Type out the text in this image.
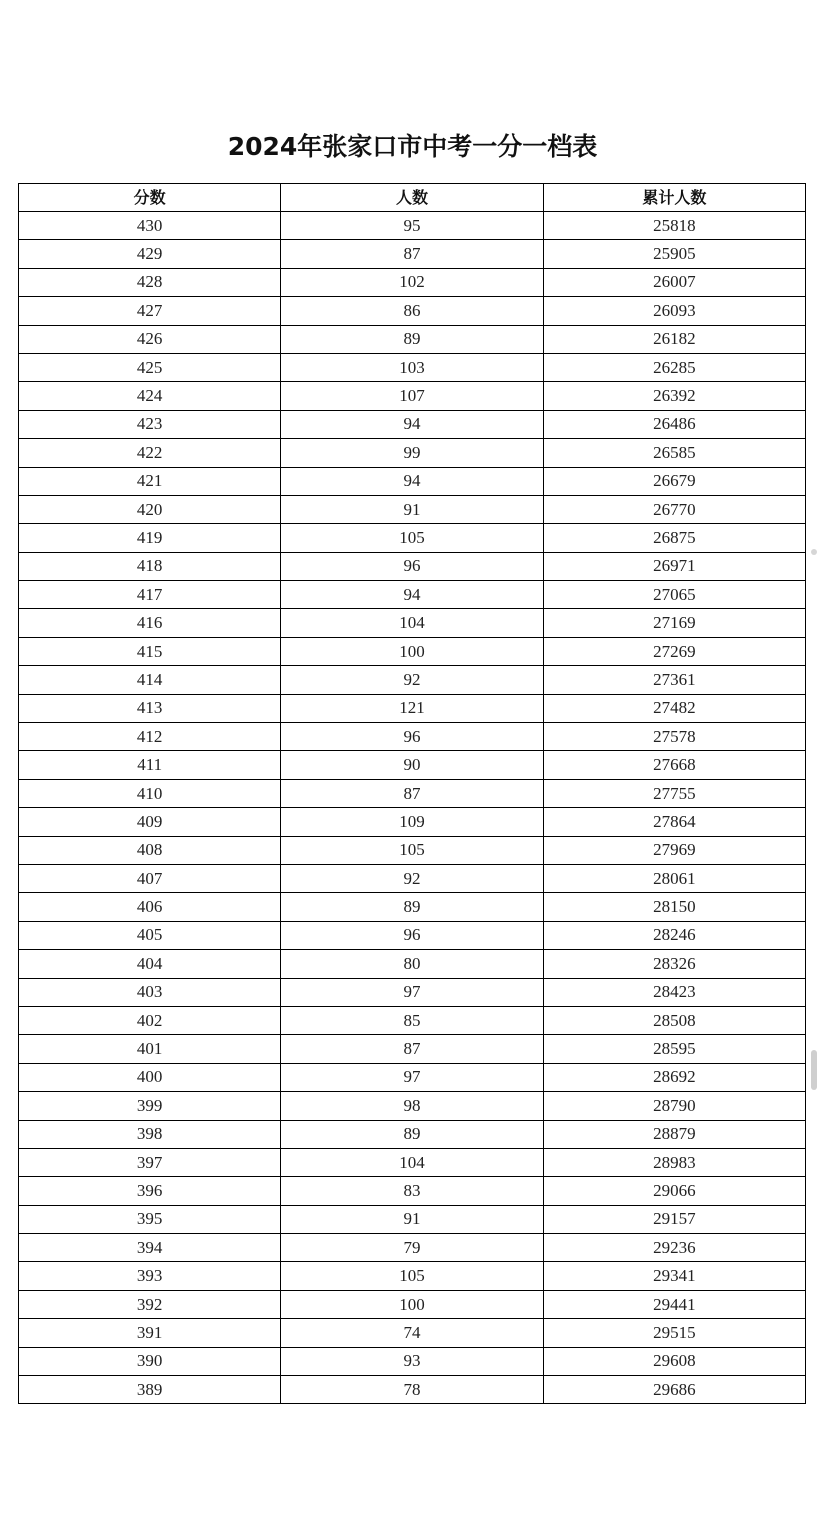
2024年张家口市中考一分一档表
分数	人数	累计人数
430	95	25818
429	87	25905
428	102	26007
427	86	26093
426	89	26182
425	103	26285
424	107	26392
423	94	26486
422	99	26585
421	94	26679
420	91	26770
419	105	26875
418	96	26971
417	94	27065
416	104	27169
415	100	27269
414	92	27361
413	121	27482
412	96	27578
411	90	27668
410	87	27755
409	109	27864
408	105	27969
407	92	28061
406	89	28150
405	96	28246
404	80	28326
403	97	28423
402	85	28508
401	87	28595
400	97	28692
399	98	28790
398	89	28879
397	104	28983
396	83	29066
395	91	29157
394	79	29236
393	105	29341
392	100	29441
391	74	29515
390	93	29608
389	78	29686
